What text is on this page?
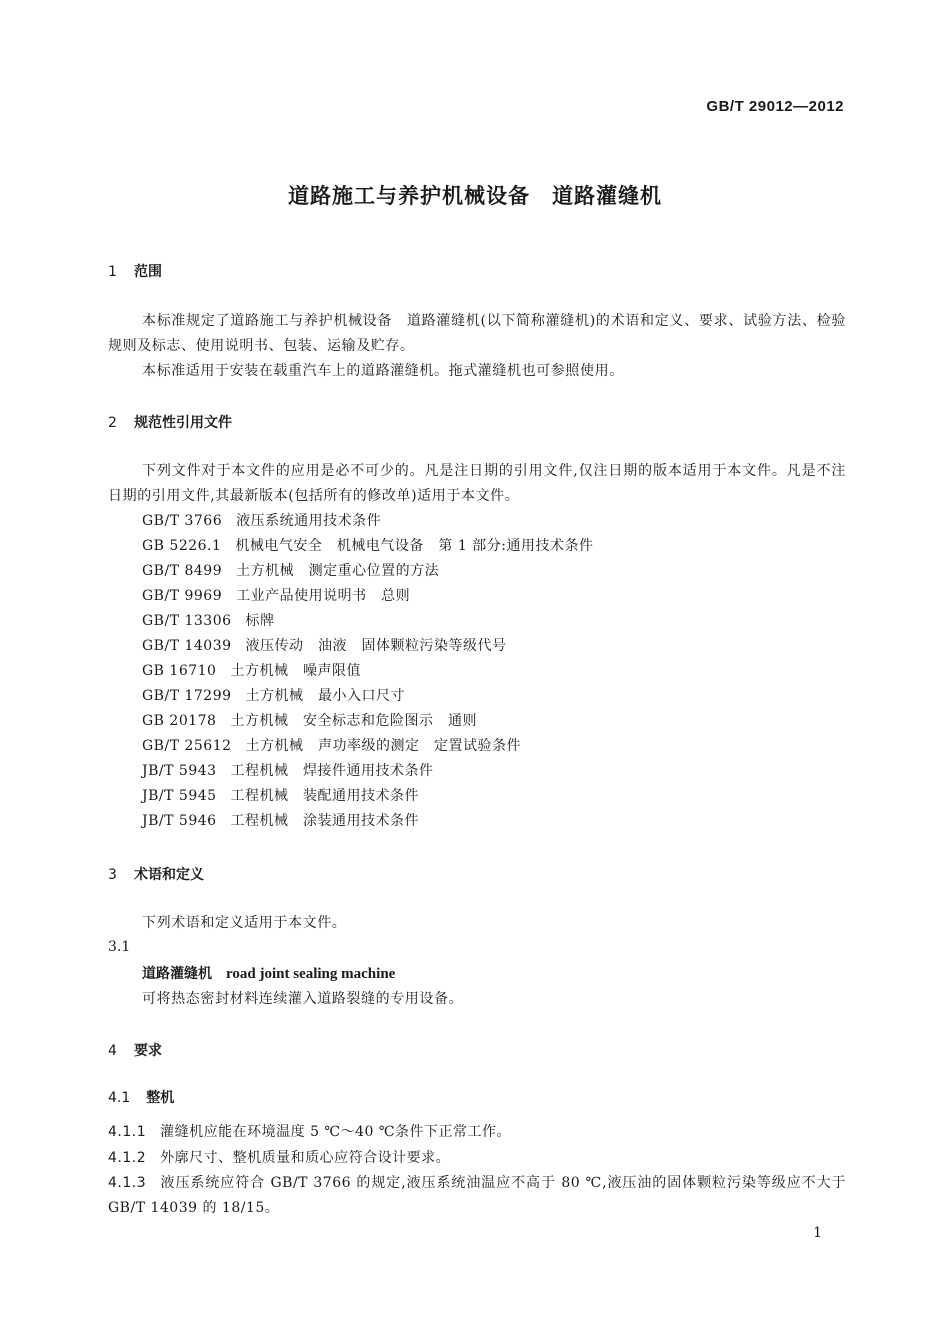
GB/T 29012—2012
道路施工与养护机械设备　道路灌缝机
1 范围
本标准规定了道路施工与养护机械设备　道路灌缝机(以下简称灌缝机)的术语和定义、要求、试验方法、检验规则及标志、使用说明书、包装、运输及贮存。
本标准适用于安装在载重汽车上的道路灌缝机。拖式灌缝机也可参照使用。
2 规范性引用文件
下列文件对于本文件的应用是必不可少的。凡是注日期的引用文件,仅注日期的版本适用于本文件。凡是不注日期的引用文件,其最新版本(包括所有的修改单)适用于本文件。
GB/T 3766 液压系统通用技术条件
GB 5226.1 机械电气安全　机械电气设备　第 1 部分:通用技术条件
GB/T 8499 土方机械　测定重心位置的方法
GB/T 9969 工业产品使用说明书　总则
GB/T 13306 标牌
GB/T 14039 液压传动　油液　固体颗粒污染等级代号
GB 16710 土方机械　噪声限值
GB/T 17299 土方机械　最小入口尺寸
GB 20178 土方机械　安全标志和危险图示　通则
GB/T 25612 土方机械　声功率级的测定　定置试验条件
JB/T 5943 工程机械　焊接件通用技术条件
JB/T 5945 工程机械　装配通用技术条件
JB/T 5946 工程机械　涂装通用技术条件
3 术语和定义
下列术语和定义适用于本文件。
3.1
道路灌缝机 road joint sealing machine
可将热态密封材料连续灌入道路裂缝的专用设备。
4 要求
4.1 整机
4.1.1 灌缝机应能在环境温度 5 ℃～40 ℃条件下正常工作。
4.1.2 外廓尺寸、整机质量和质心应符合设计要求。
4.1.3 液压系统应符合 GB/T 3766 的规定,液压系统油温应不高于 80 ℃,液压油的固体颗粒污染等级应不大于 GB/T 14039 的 18/15。
1
